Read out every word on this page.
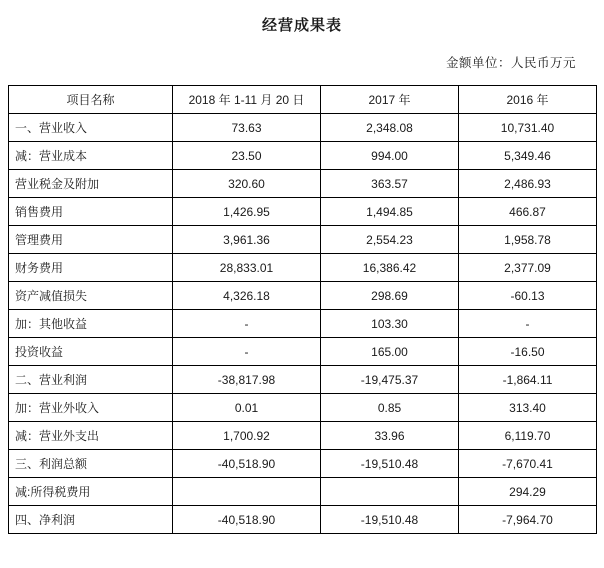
经营成果表
金额单位：人民币万元
项目名称	2018 年 1-11 月 20 日	2017 年	2016 年
一、营业收入	73.63	2,348.08	10,731.40
减：营业成本	23.50	994.00	5,349.46
营业税金及附加	320.60	363.57	2,486.93
销售费用	1,426.95	1,494.85	466.87
管理费用	3,961.36	2,554.23	1,958.78
财务费用	28,833.01	16,386.42	2,377.09
资产减值损失	4,326.18	298.69	-60.13
加：其他收益	-	103.30	-
投资收益	-	165.00	-16.50
二、营业利润	-38,817.98	-19,475.37	-1,864.11
加：营业外收入	0.01	0.85	313.40
减：营业外支出	1,700.92	33.96	6,119.70
三、利润总额	-40,518.90	-19,510.48	-7,670.41
减:所得税费用			294.29
四、净利润	-40,518.90	-19,510.48	-7,964.70
